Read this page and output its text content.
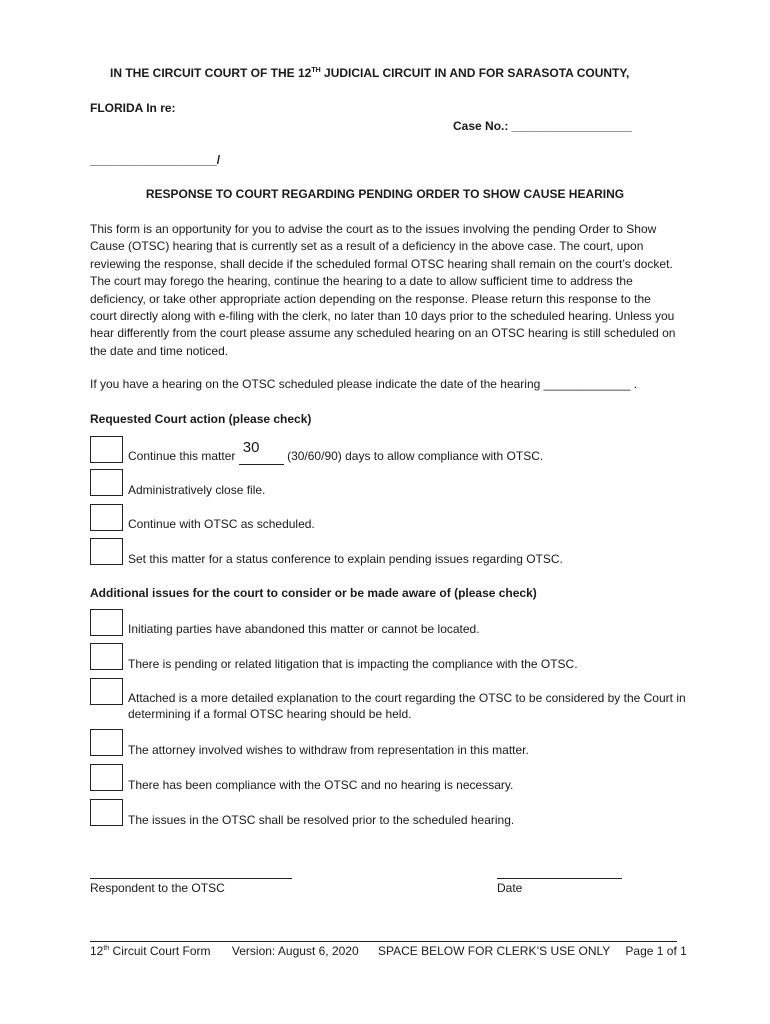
IN THE CIRCUIT COURT OF THE 12TH JUDICIAL CIRCUIT IN AND FOR SARASOTA COUNTY,
FLORIDA In re:
Case No.: __________________
___________________/
RESPONSE TO COURT REGARDING PENDING ORDER TO SHOW CAUSE HEARING
This form is an opportunity for you to advise the court as to the issues involving the pending Order to Show Cause (OTSC) hearing that is currently set as a result of a deficiency in the above case. The court, upon reviewing the response, shall decide if the scheduled formal OTSC hearing shall remain on the court’s docket. The court may forego the hearing, continue the hearing to a date to allow sufficient time to address the deficiency, or take other appropriate action depending on the response. Please return this response to the court directly along with e-filing with the clerk, no later than 10 days prior to the scheduled hearing. Unless you hear differently from the court please assume any scheduled hearing on an OTSC hearing is still scheduled on the date and time noticed.
If you have a hearing on the OTSC scheduled please indicate the date of the hearing _____________ .
Requested Court action (please check)
Continue this matter 30 (30/60/90) days to allow compliance with OTSC.
Administratively close file.
Continue with OTSC as scheduled.
Set this matter for a status conference to explain pending issues regarding OTSC.
Additional issues for the court to consider or be made aware of (please check)
Initiating parties have abandoned this matter or cannot be located.
There is pending or related litigation that is impacting the compliance with the OTSC.
Attached is a more detailed explanation to the court regarding the OTSC to be considered by the Court in determining if a formal OTSC hearing should be held.
The attorney involved wishes to withdraw from representation in this matter.
There has been compliance with the OTSC and no hearing is necessary.
The issues in the OTSC shall be resolved prior to the scheduled hearing.
Respondent to the OTSC	Date
12th Circuit Court Form Version: August 6, 2020 SPACE BELOW FOR CLERK’S USE ONLY Page 1 of 1
